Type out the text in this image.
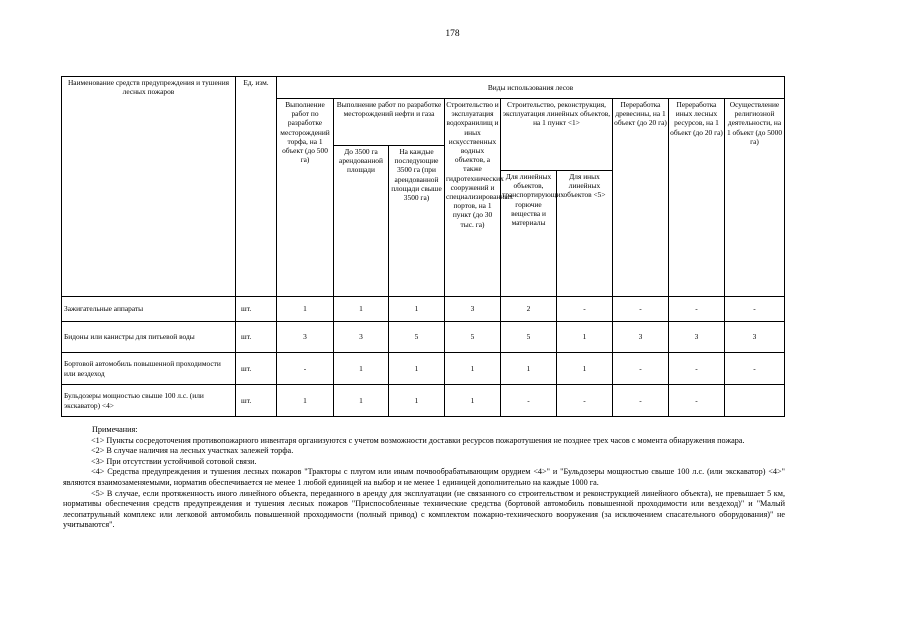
178
Наименование средств предупреждения и тушения лесных пожаров	Ед. изм.	Виды использования лесов								
		Выполнение работ по разработке месторождений торфа, на 1 объект (до 500 га)	Выполнение работ по разработке месторождений нефти и газа		Строительство и эксплуатация водохранилищ и иных искусственных водных объектов, а также гидротехнических сооружений и специализированных портов, на 1 пункт (до 30 тыс. га)	Строительство, реконструкция, эксплуатация линейных объектов, на 1 пункт <1>		Переработка древесины, на 1 объект (до 20 га)	Переработка иных лесных ресурсов, на 1 объект (до 20 га)	Осуществление религиозной деятельности, на 1 объект (до 5000 га)
			До 3500 га арендованной площади	На каждые последующие 3500 га (при арендованной площади свыше 3500 га)						
						Для линейных объектов, транспортирующих горючие вещества и материалы	Для иных линейных объектов <5>			
Зажигательные аппараты	шт.	1	1	1	3	2	-	-	-	-
Бидоны или канистры для питьевой воды	шт.	3	3	5	5	5	1	3	3	3
Бортовой автомобиль повышенной проходимости или вездеход	шт.	-	1	1	1	1	1	-	-	-
Бульдозеры мощностью свыше 100 л.с. (или экскаватор) <4>	шт.	1	1	1	1	-	-	-	-	

Примечания:

<1> Пункты сосредоточения противопожарного инвентаря организуются с учетом возможности доставки ресурсов пожаротушения не позднее трех часов с момента обнаружения пожара.

<2> В случае наличия на лесных участках залежей торфа.

<3> При отсутствии устойчивой сотовой связи.

<4> Средства предупреждения и тушения лесных пожаров "Тракторы с плугом или иным почвообрабатывающим орудием <4>" и "Бульдозеры мощностью свыше 100 л.с. (или экскаватор) <4>" являются взаимозаменяемыми, норматив обеспечивается не менее 1 любой единицей на выбор и не менее 1 единицей дополнительно на каждые 1000 га.

<5> В случае, если протяженность иного линейного объекта, переданного в аренду для эксплуатации (не связанного со строительством и реконструкцией линейного объекта), не превышает 5 км, нормативы обеспечения средств предупреждения и тушения лесных пожаров "Приспособленные технические средства (бортовой автомобиль повышенной проходимости или вездеход)" и "Малый лесопатрульный комплекс или легковой автомобиль повышенной проходимости (полный привод) с комплектом пожарно-технического вооружения (за исключением спасательного оборудования)" не учитываются".
